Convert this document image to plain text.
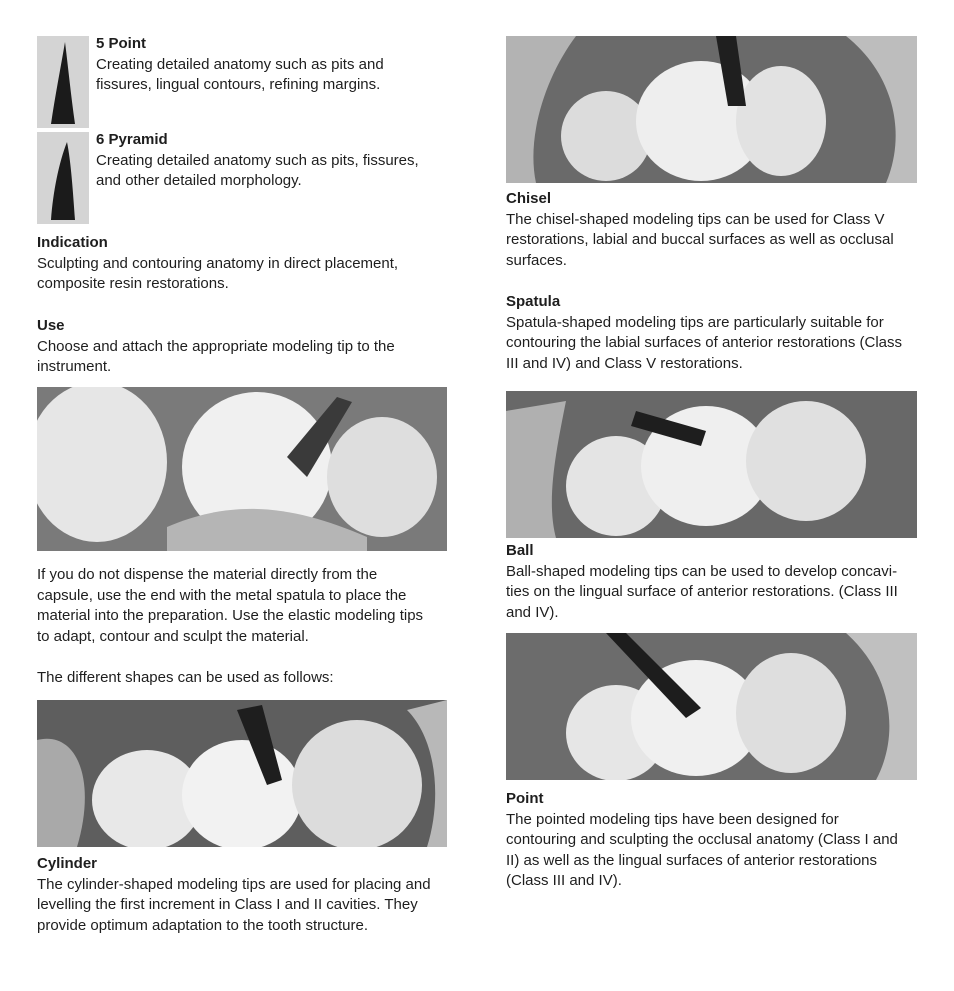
5 Point

Creating detailed anatomy such as pits and

fissures, lingual contours, refining margins.

6 Pyramid

Creating detailed anatomy such as pits, fissures,

and other detailed morphology.

Indication

Sculpting and contouring anatomy in direct placement,

composite resin restorations.

Use

Choose and attach the appropriate modeling tip to the

instrument.

If you do not dispense the material directly from the

capsule, use the end with the metal spatula to place the

material into the preparation. Use the elastic modeling tips

to adapt, contour and sculpt the material.

The different shapes can be used as follows:

Cylinder

The cylinder-shaped modeling tips are used for placing and

levelling the first increment in Class I and II cavities. They

provide optimum adaptation to the tooth structure.

Chisel

The chisel-shaped modeling tips can be used for Class V

restorations, labial and buccal surfaces as well as occlusal

surfaces.

Spatula

Spatula-shaped modeling tips are particularly suitable for

contouring the labial surfaces of anterior restorations (Class

III and IV) and Class V restorations.

Ball

Ball-shaped modeling tips can be used to develop concavi-

ties on the lingual surface of anterior restorations. (Class III

and IV).

Point

The pointed modeling tips have been designed for

contouring and sculpting the occlusal anatomy (Class I and

II) as well as the lingual surfaces of anterior restorations

(Class III and IV).
